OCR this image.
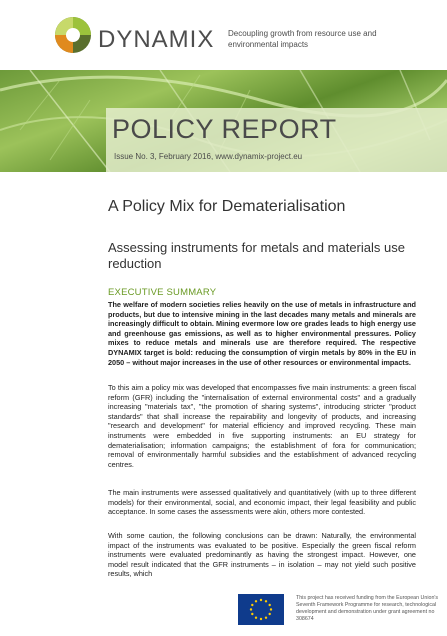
DYNAMIX Decoupling growth from resource use and environmental impacts
POLICY REPORT
Issue No. 3, February 2016, www.dynamix-project.eu
A Policy Mix for Dematerialisation
Assessing instruments for metals and materials use reduction
EXECUTIVE SUMMARY
The welfare of modern societies relies heavily on the use of metals in infrastructure and products, but due to intensive mining in the last decades many metals and minerals are increasingly difficult to obtain. Mining evermore low ore grades leads to high energy use and greenhouse gas emissions, as well as to higher environmental pressures. Policy mixes to reduce metals and minerals use are therefore required. The respective DYNAMIX target is bold: reducing the consumption of virgin metals by 80% in the EU in 2050 – without major increases in the use of other resources or environmental impacts.
To this aim a policy mix was developed that encompasses five main instruments: a green fiscal reform (GFR) including the "internalisation of external environmental costs" and a gradually increasing "materials tax", "the promotion of sharing systems", introducing stricter "product standards" that shall increase the repairability and longevity of products, and increasing "research and development" for material efficiency and improved recycling. These main instruments were embedded in five supporting instruments: an EU strategy for dematerialisation; information campaigns; the establishment of fora for communication; removal of environmentally harmful subsidies and the establishment of advanced recycling centres.
The main instruments were assessed qualitatively and quantitatively (with up to three different models) for their environmental, social, and economic impact, their legal feasibility and public acceptance. In some cases the assessments were akin, others more contested.
With some caution, the following conclusions can be drawn: Naturally, the environmental impact of the instruments was evaluated to be positive. Especially the green fiscal reform instruments were evaluated predominantly as having the strongest impact. However, one model result indicated that the GFR instruments – in isolation – may not yield such positive results, which
This project has received funding from the European Union's Seventh Framework Programme for research, technological development and demonstration under grant agreement no 308674
